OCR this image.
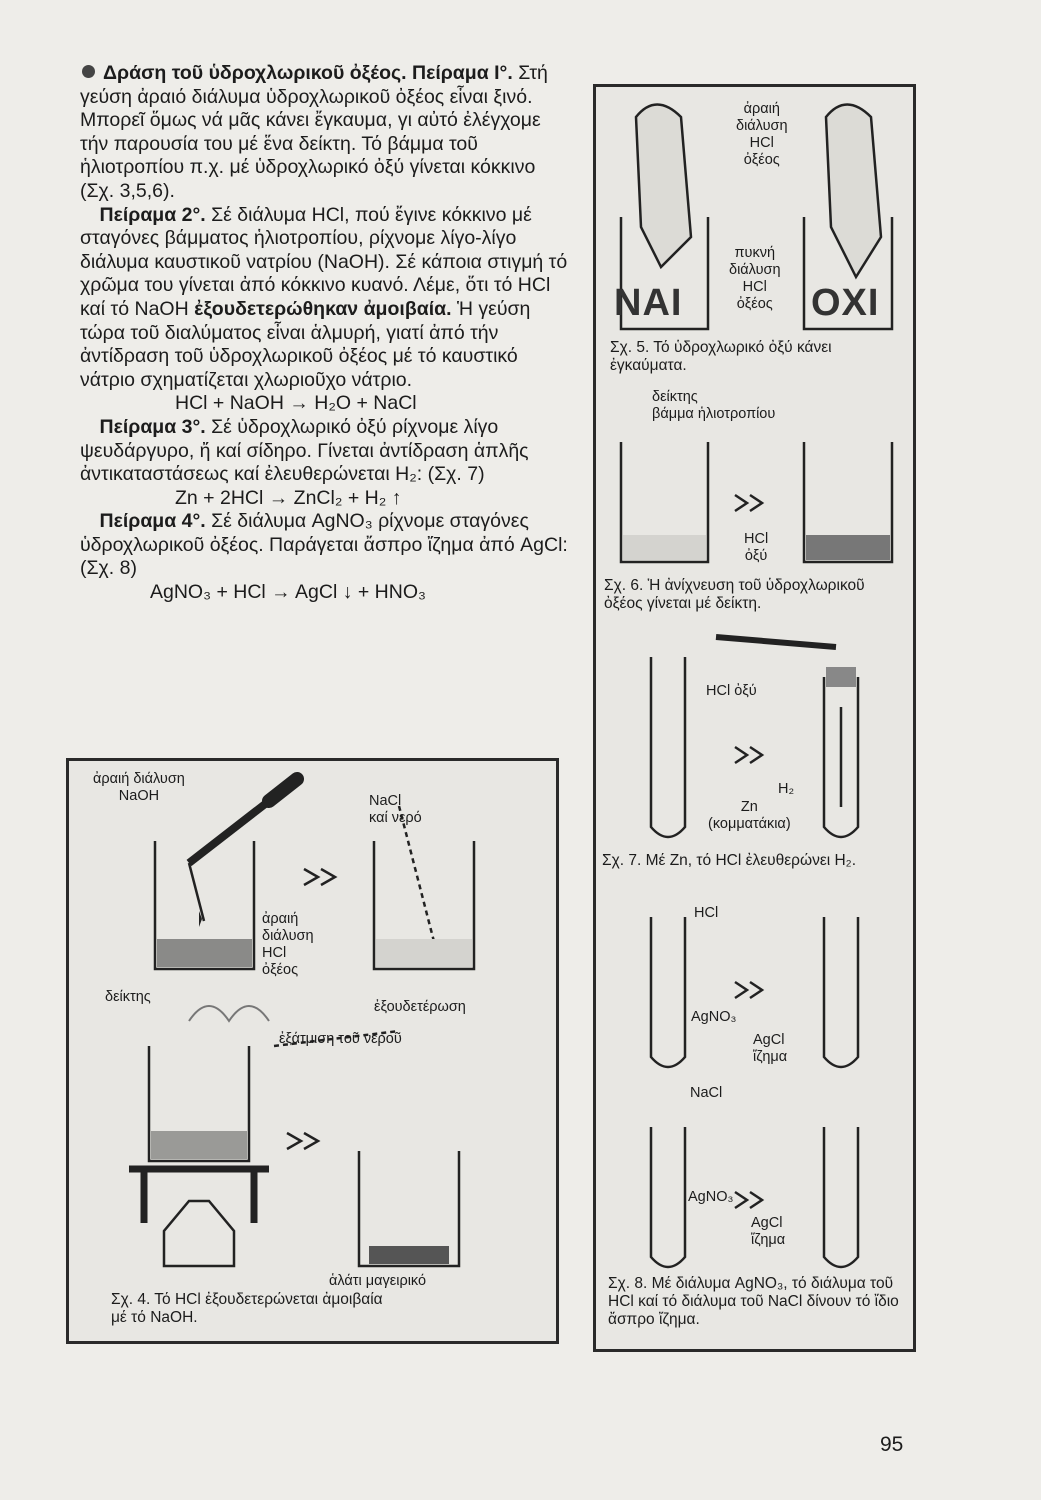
Δράση τοῦ ὑδροχλωρικοῦ ὀξέος. Πείραμα Ι°. Στή γεύση ἀραιό διάλυμα ὑδροχλωρικοῦ ὀξέος εἶναι ξινό. Μπορεῖ ὅμως νά μᾶς κάνει ἔγκαυμα, γι αὐτό ἐλέγχομε τήν παρουσία του μέ ἕνα δείκτη. Τό βάμμα τοῦ ἡλιοτροπίου π.χ. μέ ὑδροχλωρικό ὀξύ γίνεται κόκκινο (Σχ. 3,5,6).

 Πείραμα 2°. Σέ διάλυμα HCl, πού ἔγινε κόκκινο μέ σταγόνες βάμματος ἡλιοτροπίου, ρίχνομε λίγο-λίγο διάλυμα καυστικοῦ νατρίου (NaOH). Σέ κάποια στιγμή τό χρῶμα του γίνεται ἀπό κόκκινο κυανό. Λέμε, ὅτι τό HCl καί τό NaOH ἐξουδετερώθηκαν ἀμοιβαία. Ἡ γεύση τώρα τοῦ διαλύματος εἶναι ἁλμυρή, γιατί ἀπό τήν ἀντίδραση τοῦ ὑδροχλωρικοῦ ὀξέος μέ τό καυστικό νάτριο σχηματίζεται χλωριοῦχο νάτριο.

HCl + NaOH → H₂O + NaCl

 Πείραμα 3°. Σέ ὑδροχλωρικό ὀξύ ρίχνομε λίγο ψευδάργυρο, ἤ καί σίδηρο. Γίνεται ἀντίδραση ἁπλῆς ἀντικαταστάσεως καί ἐλευθερώνεται H₂: (Σχ. 7)

Zn + 2HCl → ZnCl₂ + H₂ ↑

 Πείραμα 4°. Σέ διάλυμα AgNO₃ ρίχνομε σταγόνες ὑδροχλωρικοῦ ὀξέος. Παράγεται ἄσπρο ἴζημα ἀπό AgCl: (Σχ. 8)

AgNO₃ + HCl → AgCl ↓ + HNO₃

ἀραιή διάλυση
NaOH	NaCl
καί νερό
ἀραιή
διάλυση
HCl
ὀξέος
δείκτης
ἐξουδετέρωση
ἐξάτμιση τοῦ νεροῦ
ἁλάτι μαγειρικό
Σχ. 4. Τό HCl ἐξουδετερώνεται ἀμοιβαία μέ τό NaOH.
ΝΑΙ	ΟΧΙ
ἀραιή
διάλυση
HCl
ὀξέος
πυκνή
διάλυση
HCl
ὀξέος
Σχ. 5. Τό ὑδροχλωρικό ὀξύ κάνει ἐγκαύματα.
δείκτης
βάμμα ἡλιοτροπίου
HCl
ὀξύ
Σχ. 6. Ἡ ἀνίχνευση τοῦ ὑδροχλωρικοῦ ὀξέος γίνεται μέ δείκτη.
HCl ὀξύ
H₂
Zn
(κομματάκια)
Σχ. 7. Μέ Zn, τό HCl ἐλευθερώνει H₂.
HCl
AgNO₃
AgCl
ἴζημα
NaCl
AgNO₃
AgCl
ἴζημα
Σχ. 8. Μέ διάλυμα AgNO₃, τό διάλυμα τοῦ HCl καί τό διάλυμα τοῦ NaCl δίνουν τό ἴδιο ἄσπρο ἴζημα.
95
